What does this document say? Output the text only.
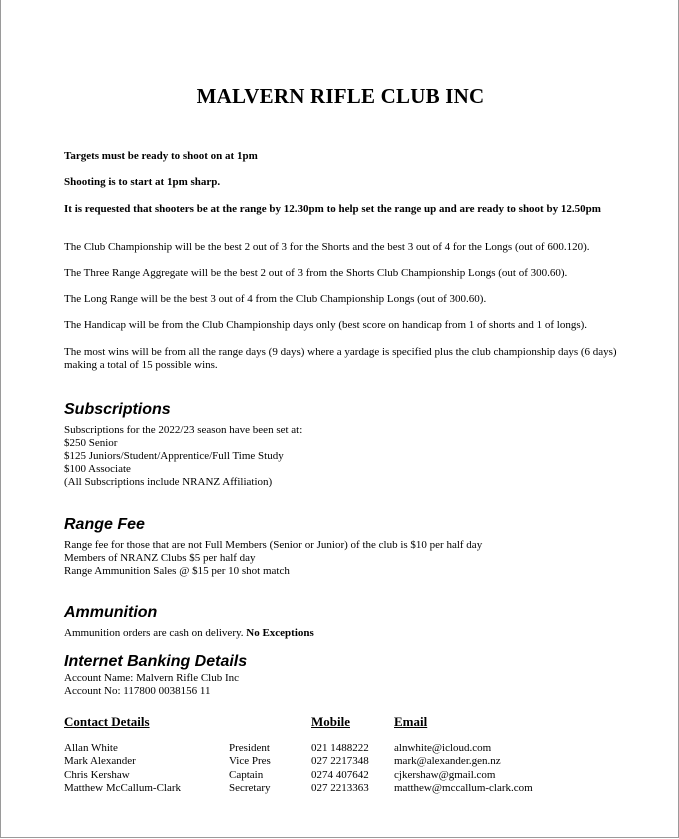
MALVERN RIFLE CLUB INC
Targets must be ready to shoot on at 1pm
Shooting is to start at 1pm sharp.
It is requested that shooters be at the range by 12.30pm to help set the range up and are ready to shoot by 12.50pm
The Club Championship will be the best 2 out of 3 for the Shorts and the best 3 out of 4 for the Longs (out of 600.120).
The Three Range Aggregate will be the best 2 out of 3 from the Shorts Club Championship Longs (out of 300.60).
The Long Range will be the best 3 out of 4 from the Club Championship Longs (out of 300.60).
The Handicap will be from the Club Championship days only (best score on handicap from 1 of shorts and 1 of longs).
The most wins will be from all the range days (9 days) where a yardage is specified plus the club championship days (6 days) making a total of 15 possible wins.
Subscriptions
Subscriptions for the 2022/23 season have been set at:
$250 Senior
$125 Juniors/Student/Apprentice/Full Time Study
$100 Associate
(All Subscriptions include NRANZ Affiliation)
Range Fee
Range fee for those that are not Full Members (Senior or Junior) of the club is $10 per half day
Members of NRANZ Clubs $5 per half day
Range Ammunition Sales @ $15 per 10 shot match
Ammunition
Ammunition orders are cash on delivery. No Exceptions
Internet Banking Details
Account Name: Malvern Rifle Club Inc
Account No: 117800 0038156 11
Contact Details	Mobile	Email
Allan White
Mark Alexander
Chris Kershaw
Matthew McCallum-Clark
President
Vice Pres
Captain
Secretary
021 1488222
027 2217348
0274 407642
027 2213363
alnwhite@icloud.com
mark@alexander.gen.nz
cjkershaw@gmail.com
matthew@mccallum-clark.com
